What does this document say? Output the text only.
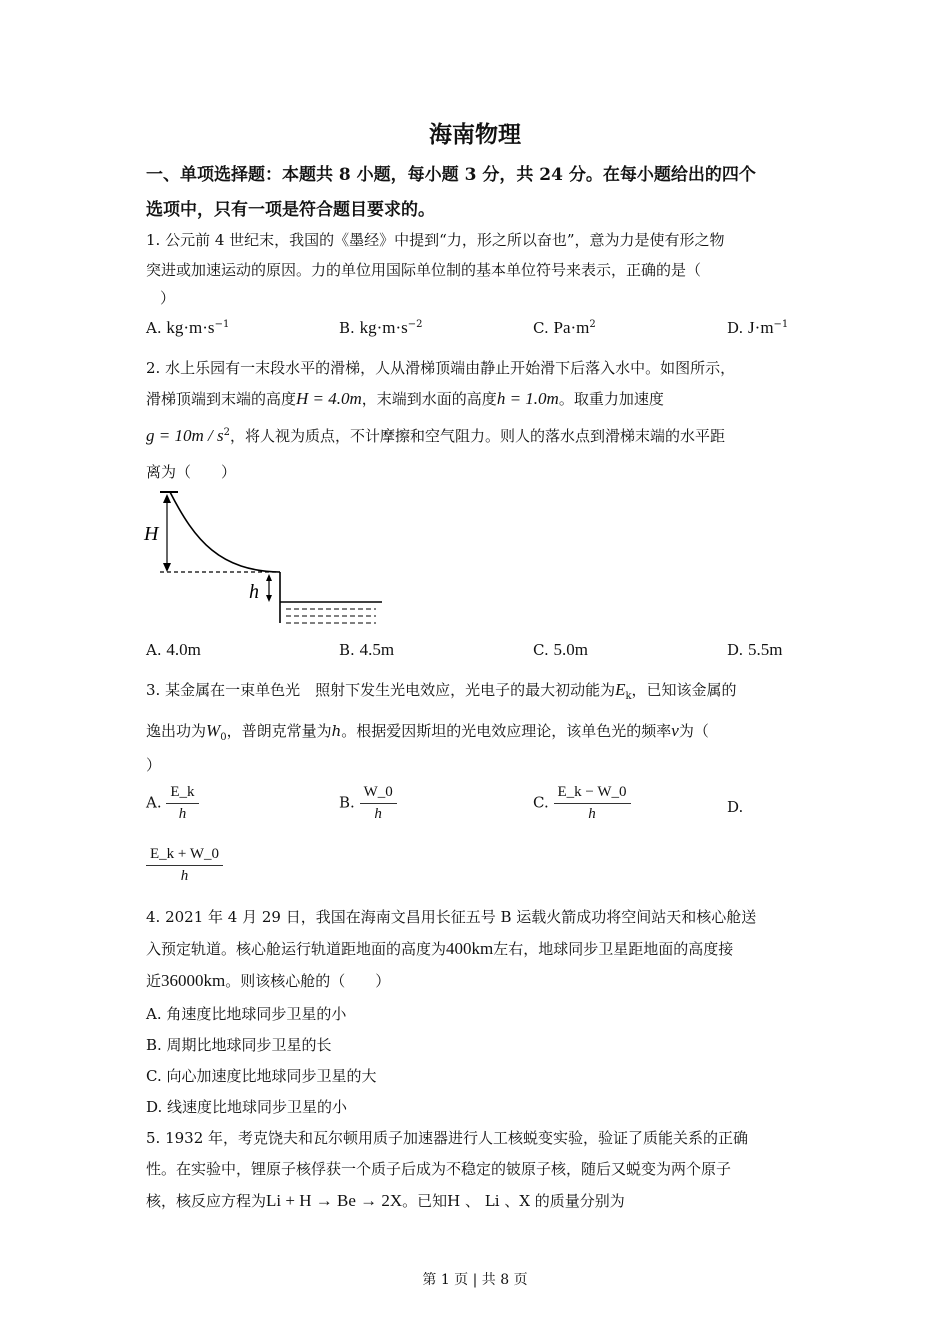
海南物理
一、单项选择题：本题共 8 小题，每小题 3 分，共 24 分。在每小题给出的四个
选项中，只有一项是符合题目要求的。
1. 公元前 4 世纪末，我国的《墨经》中提到“力，形之所以奋也”，意为力是使有形之物
突进或加速运动的原因。力的单位用国际单位制的基本单位符号来表示，正确的是（
）
A. $kg\cdot m\cdot s^{-1}$	B. $kg\cdot m\cdot s^{-2}$	C. $Pa\cdot m^2$	D. $J\cdot m^{-1}$
2. 水上乐园有一末段水平的滑梯，人从滑梯顶端由静止开始滑下后落入水中。如图所示，
滑梯顶端到末端的高度H = 4.0m，末端到水面的高度h = 1.0m。取重力加速度
$g = 10m / s^2$，将人视为质点，不计摩擦和空气阻力。则人的落水点到滑梯末端的水平距
离为（　　）
H
h
A. 4.0m	B. 4.5m	C. 5.0m	D. 5.5m
3. 某金属在一束单色光　照射下发生光电效应，光电子的最大初动能为$E_k$，已知该金属的
逸出功为$W_0$，普朗克常量为h。根据爱因斯坦的光电效应理论，该单色光的频率ν为（
）
A. $\frac{E\_k}{h}$	B. $\frac{W\_0}{h}$	C. $\frac{E\_k - W\_0}{h}$	D.
$\frac{E\_k + W\_0}{h}$
4. 2021 年 4 月 29 日，我国在海南文昌用长征五号 B 运载火箭成功将空间站天和核心舱送
入预定轨道。核心舱运行轨道距地面的高度为400km左右，地球同步卫星距地面的高度接
近36000km。则该核心舱的（　　）
A. 角速度比地球同步卫星的小
B. 周期比地球同步卫星的长
C. 向心加速度比地球同步卫星的大
D. 线速度比地球同步卫星的小
5. 1932 年，考克饶夫和瓦尔顿用质子加速器进行人工核蜕变实验，验证了质能关系的正确
性。在实验中，锂原子核俘获一个质子后成为不稳定的铍原子核，随后又蜕变为两个原子
核，核反应方程为Li + H → Be → 2X。已知H 、 Li 、X 的质量分别为
第 1 页 | 共 8 页
